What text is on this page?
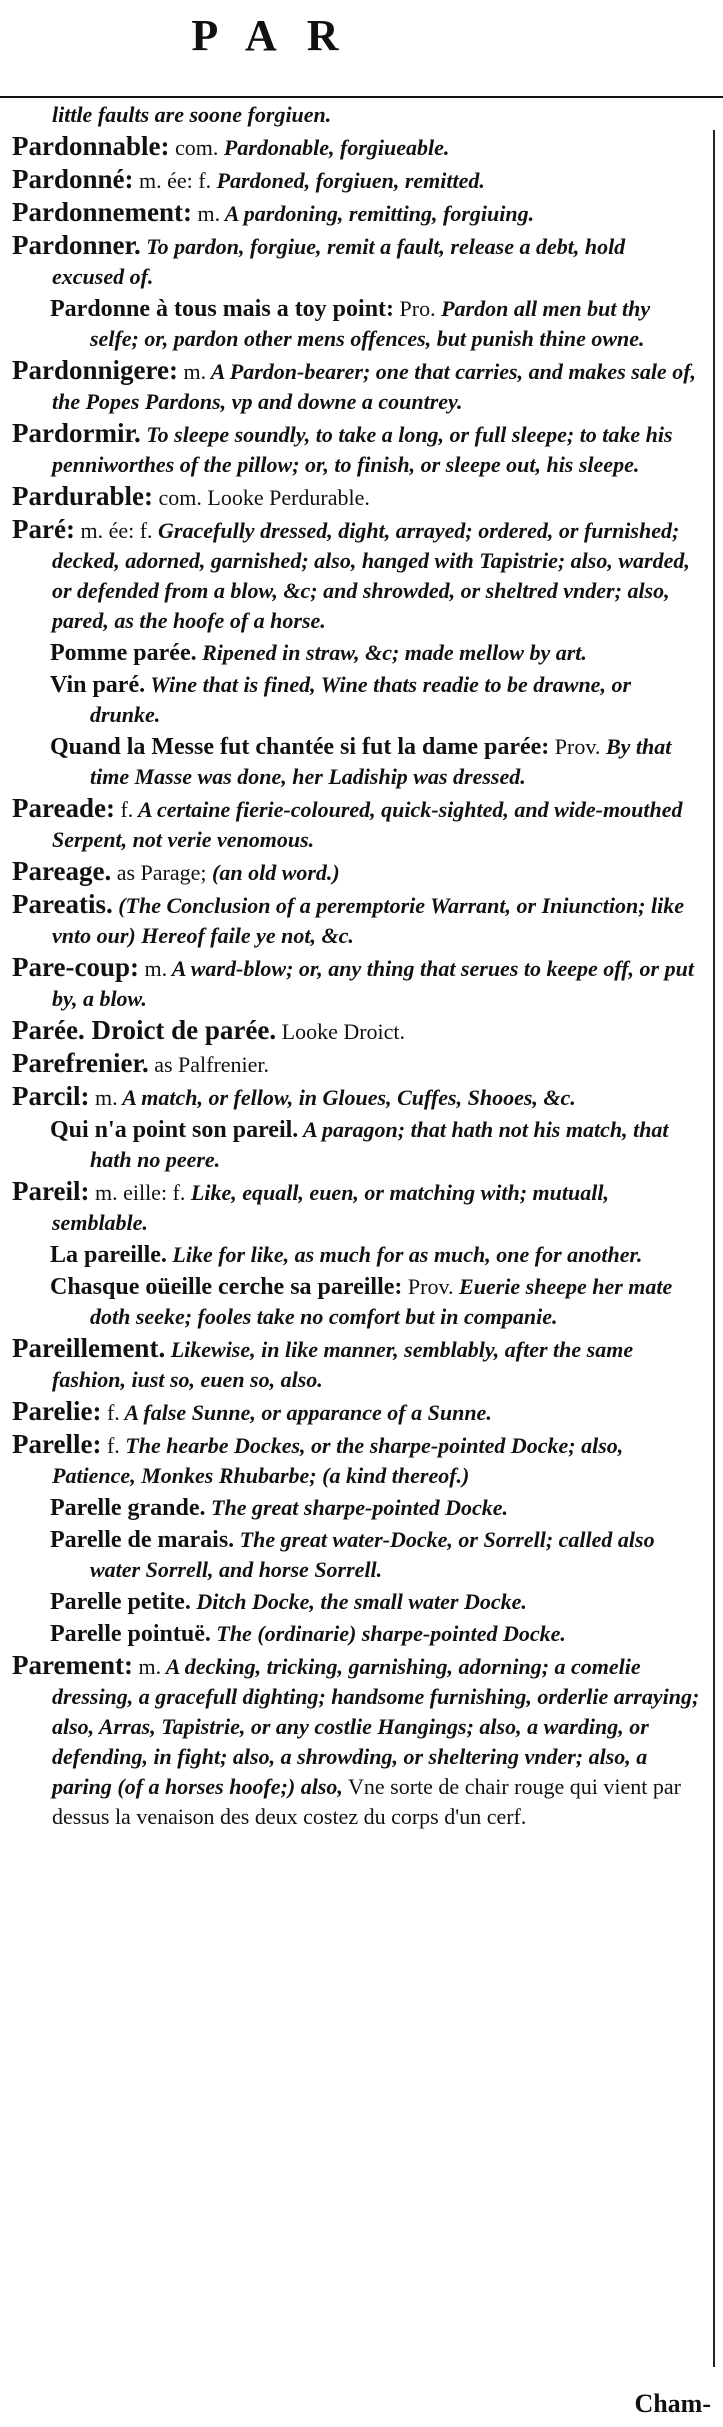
PAR
little faults are soone forgiuen.
Pardonnable: com. Pardonable, forgiueable.
Pardonné: m. ée: f. Pardoned, forgiuen, remitted.
Pardonnement: m. A pardoning, remitting, forgiuing.
Pardonner. To pardon, forgiue, remit a fault, release a debt, hold excused of.
Pardonne à tous mais a toy point: Pro. Pardon all men but thy selfe; or, pardon other mens offences, but punish thine owne.
Pardonnigere: m. A Pardon-bearer; one that carries, and makes sale of, the Popes Pardons, vp and downe a countrey.
Pardormir. To sleepe soundly, to take a long, or full sleepe; to take his penniworthes of the pillow; or, to finish, or sleepe out, his sleepe.
Pardurable: com. Looke Perdurable.
Paré: m. ée: f. Gracefully dressed, dight, arrayed; ordered, or furnished; decked, adorned, garnished; also, hanged with Tapistrie; also, warded, or defended from a blow, &c; and shrowded, or sheltred vnder; also, pared, as the hoofe of a horse.
Pomme parée. Ripened in straw, &c; made mellow by art.
Vin paré. Wine that is fined, Wine thats readie to be drawne, or drunke.
Quand la Messe fut chantée si fut la dame parée: Prov. By that time Masse was done, her Ladiship was dressed.
Pareade: f. A certaine fierie-coloured, quick-sighted, and wide-mouthed Serpent, not verie venomous.
Pareage. as Parage; (an old word.)
Pareatis. (The Conclusion of a peremptorie Warrant, or Iniunction; like vnto our) Hereof faile ye not, &c.
Pare-coup: m. A ward-blow; or, any thing that serues to keepe off, or put by, a blow.
Parée. Droict de parée. Looke Droict.
Parefrenier. as Palfrenier.
Parcil: m. A match, or fellow, in Gloues, Cuffes, Shooes, &c.
Qui n'a point son pareil. A paragon; that hath not his match, that hath no peere.
Pareil: m. eille: f. Like, equall, euen, or matching with; mutuall, semblable.
La pareille. Like for like, as much for as much, one for another.
Chasque oüeille cerche sa pareille: Prov. Euerie sheepe her mate doth seeke; fooles take no comfort but in companie.
Pareillement. Likewise, in like manner, semblably, after the same fashion, iust so, euen so, also.
Parelie: f. A false Sunne, or apparance of a Sunne.
Parelle: f. The hearbe Dockes, or the sharpe-pointed Docke; also, Patience, Monkes Rhubarbe; (a kind thereof.)
Parelle grande. The great sharpe-pointed Docke.
Parelle de marais. The great water-Docke, or Sorrell; called also water Sorrell, and horse Sorrell.
Parelle petite. Ditch Docke, the small water Docke.
Parelle pointuë. The (ordinarie) sharpe-pointed Docke.
Parement: m. A decking, tricking, garnishing, adorning; a comelie dressing, a gracefull dighting; handsome furnishing, orderlie arraying; also, Arras, Tapistrie, or any costlie Hangings; also, a warding, or defending, in fight; also, a shrowding, or sheltering vnder; also, a paring (of a horses hoofe;) also, Vne sorte de chair rouge qui vient par dessus la venaison des deux costez du corps d'un cerf.
Cham-
